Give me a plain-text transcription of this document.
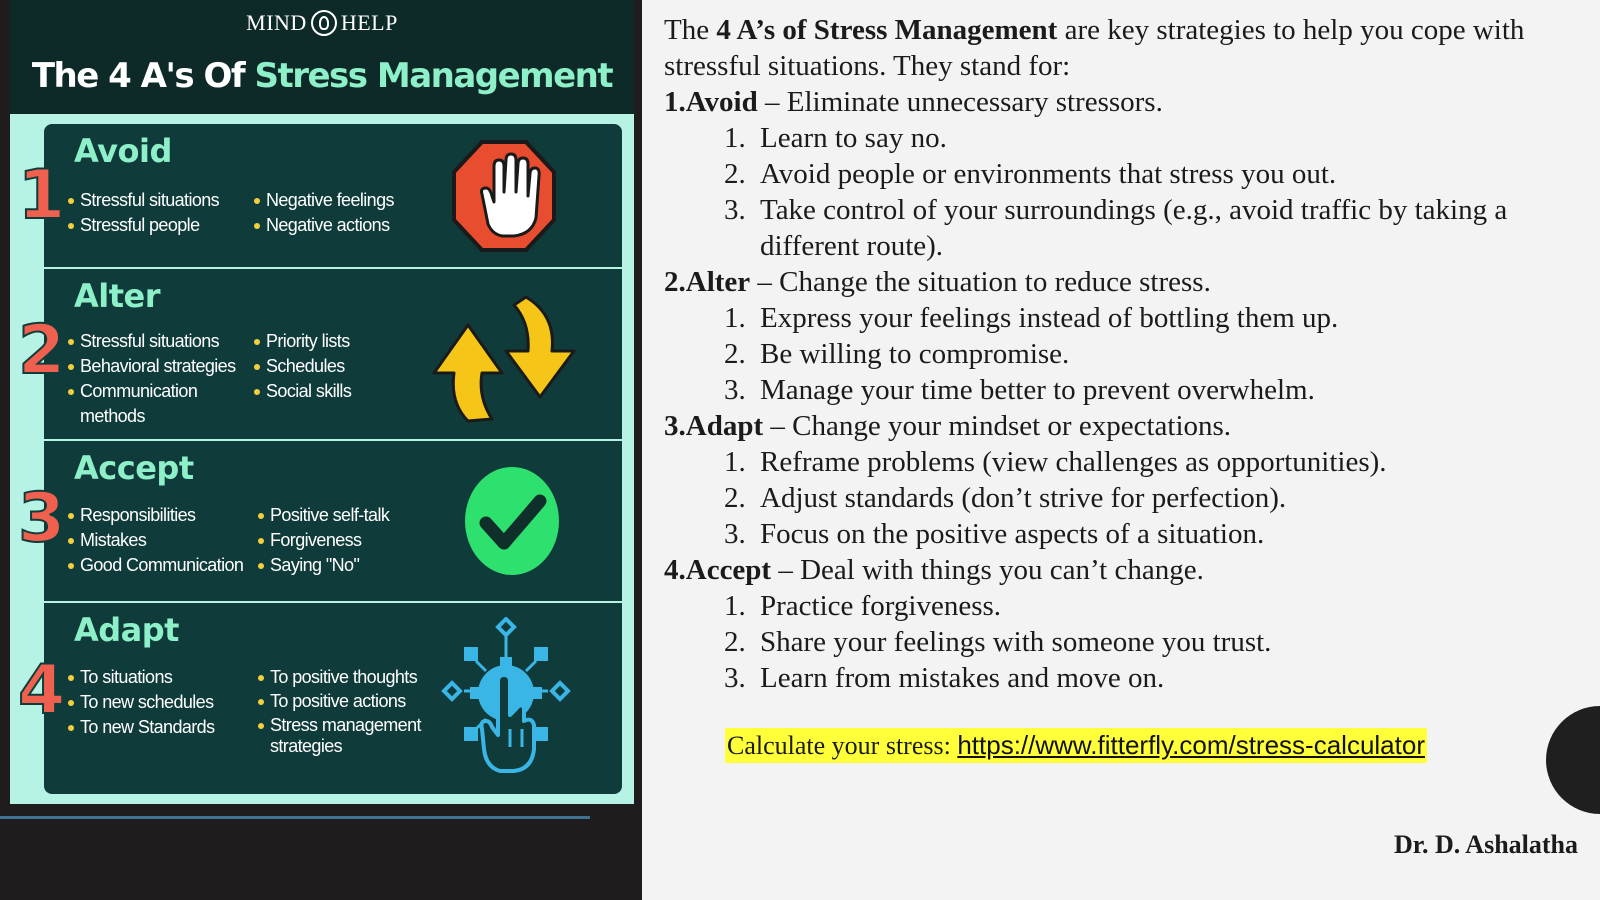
MIND HELP
The 4 A's Of Stress Management
1
Avoid
Stressful situations
Stressful people
Negative feelings
Negative actions
2
Alter
Stressful situations
Behavioral strategies
Communication
methods
Priority lists
Schedules
Social skills
3
Accept
Responsibilities
Mistakes
Good Communication
Positive self-talk
Forgiveness
Saying "No"
4
Adapt
To situations
To new schedules
To new Standards
To positive thoughts
To positive actions
Stress management
strategies

The 4 A’s of Stress Management are key strategies to help you cope with stressful situations. They stand for:

1.Avoid – Eliminate unnecessary stressors.

1. Learn to say no.
2. Avoid people or environments that stress you out.
3. Take control of your surroundings (e.g., avoid traffic by taking a different route).

2.Alter – Change the situation to reduce stress.

1. Express your feelings instead of bottling them up.
2. Be willing to compromise.
3. Manage your time better to prevent overwhelm.

3.Adapt – Change your mindset or expectations.

1. Reframe problems (view challenges as opportunities).
2. Adjust standards (don’t strive for perfection).
3. Focus on the positive aspects of a situation.

4.Accept – Deal with things you can’t change.

1. Practice forgiveness.
2. Share your feelings with someone you trust.
3. Learn from mistakes and move on.
Calculate your stress: https://www.fitterfly.com/stress-calculator
Dr. D. Ashalatha
